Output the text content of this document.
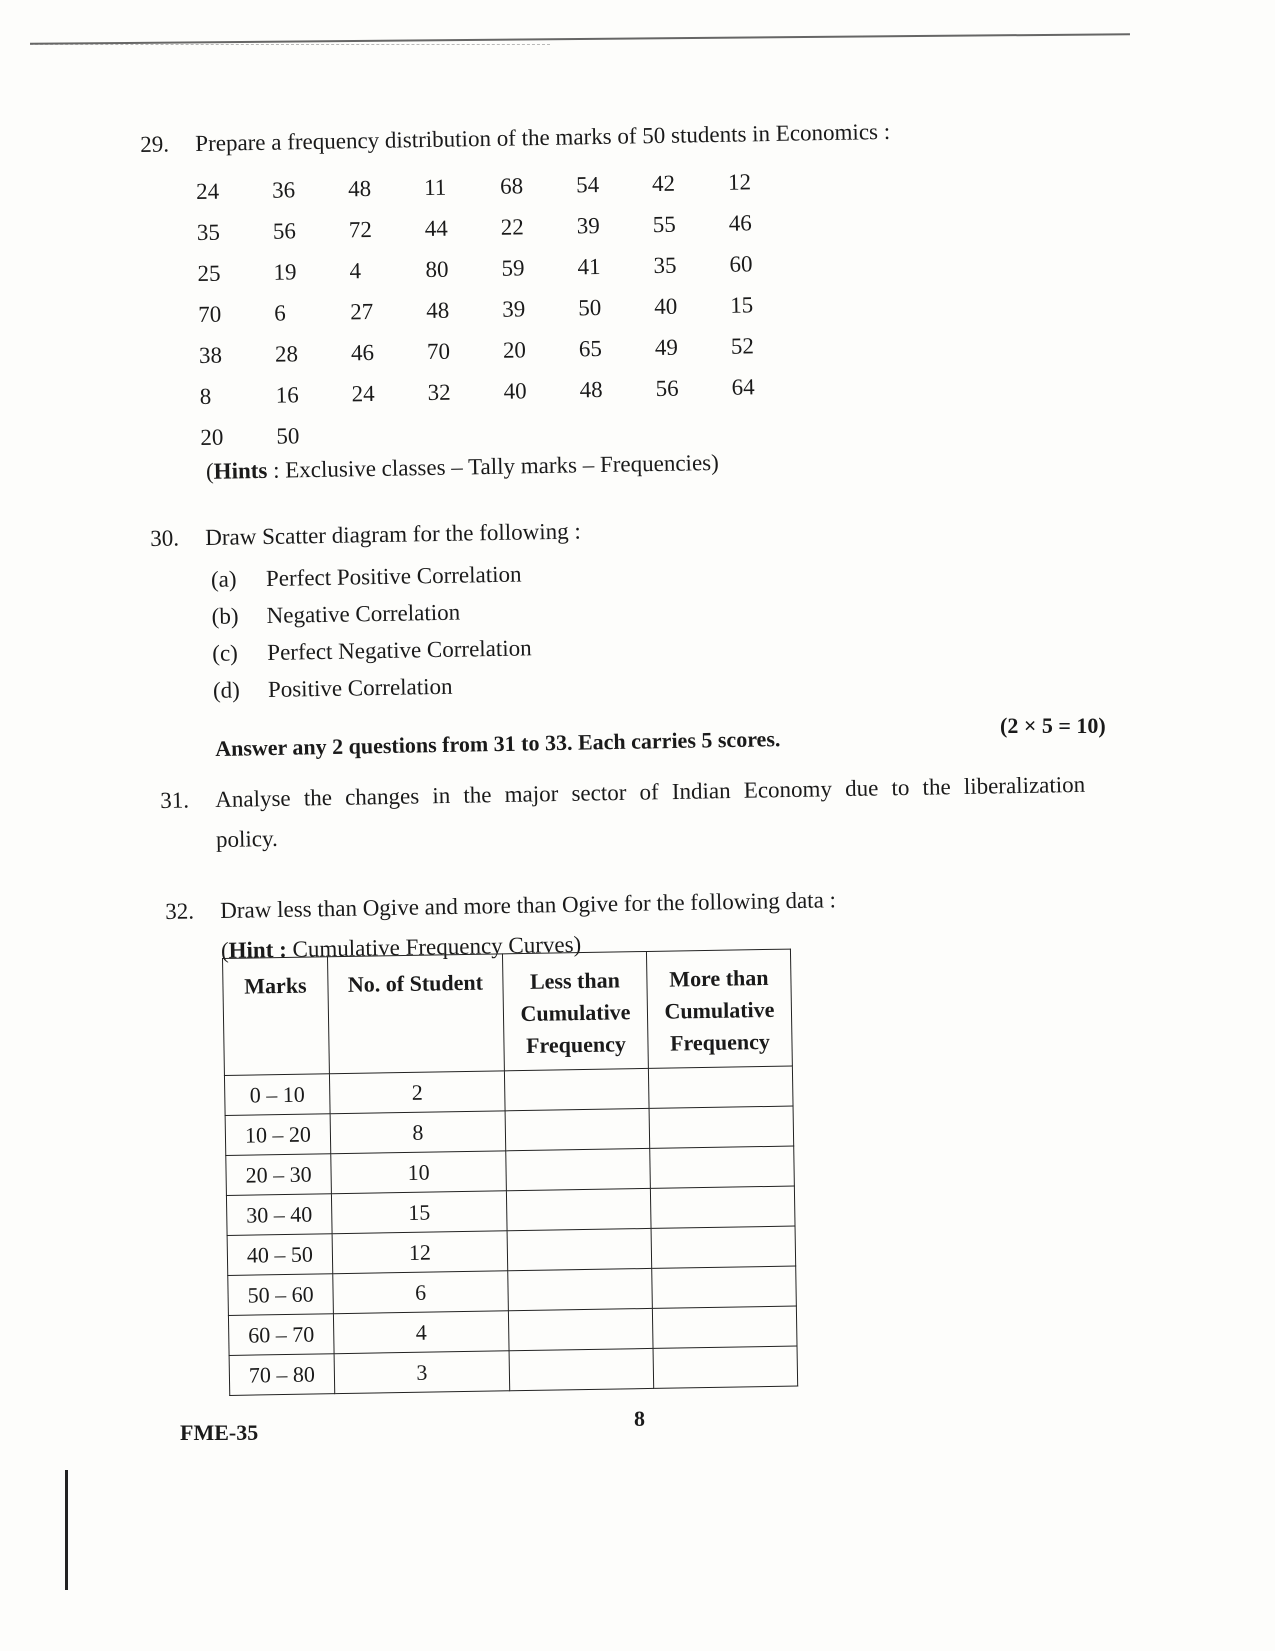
29. Prepare a frequency distribution of the marks of 50 students in Economics :
24	36	48	11	68	54	42	12
35	56	72	44	22	39	55	46
25	19	4	80	59	41	35	60
70	6	27	48	39	50	40	15
38	28	46	70	20	65	49	52
8	16	24	32	40	48	56	64
20	50
(Hints : Exclusive classes – Tally marks – Frequencies)
30. Draw Scatter diagram for the following :
(a) Perfect Positive Correlation
(b) Negative Correlation
(c) Perfect Negative Correlation
(d) Positive Correlation
Answer any 2 questions from 31 to 33. Each carries 5 scores.
(2 × 5 = 10)
31. Analyse the changes in the major sector of Indian Economy due to the liberalization
policy.
32. Draw less than Ogive and more than Ogive for the following data :
(Hint : Cumulative Frequency Curves)
Marks	No. of Student	Less than Cumulative Frequency	More than Cumulative Frequency
0 – 10	2		
10 – 20	8		
20 – 30	10		
30 – 40	15		
40 – 50	12		
50 – 60	6		
60 – 70	4		
70 – 80	3		
FME-35
8
